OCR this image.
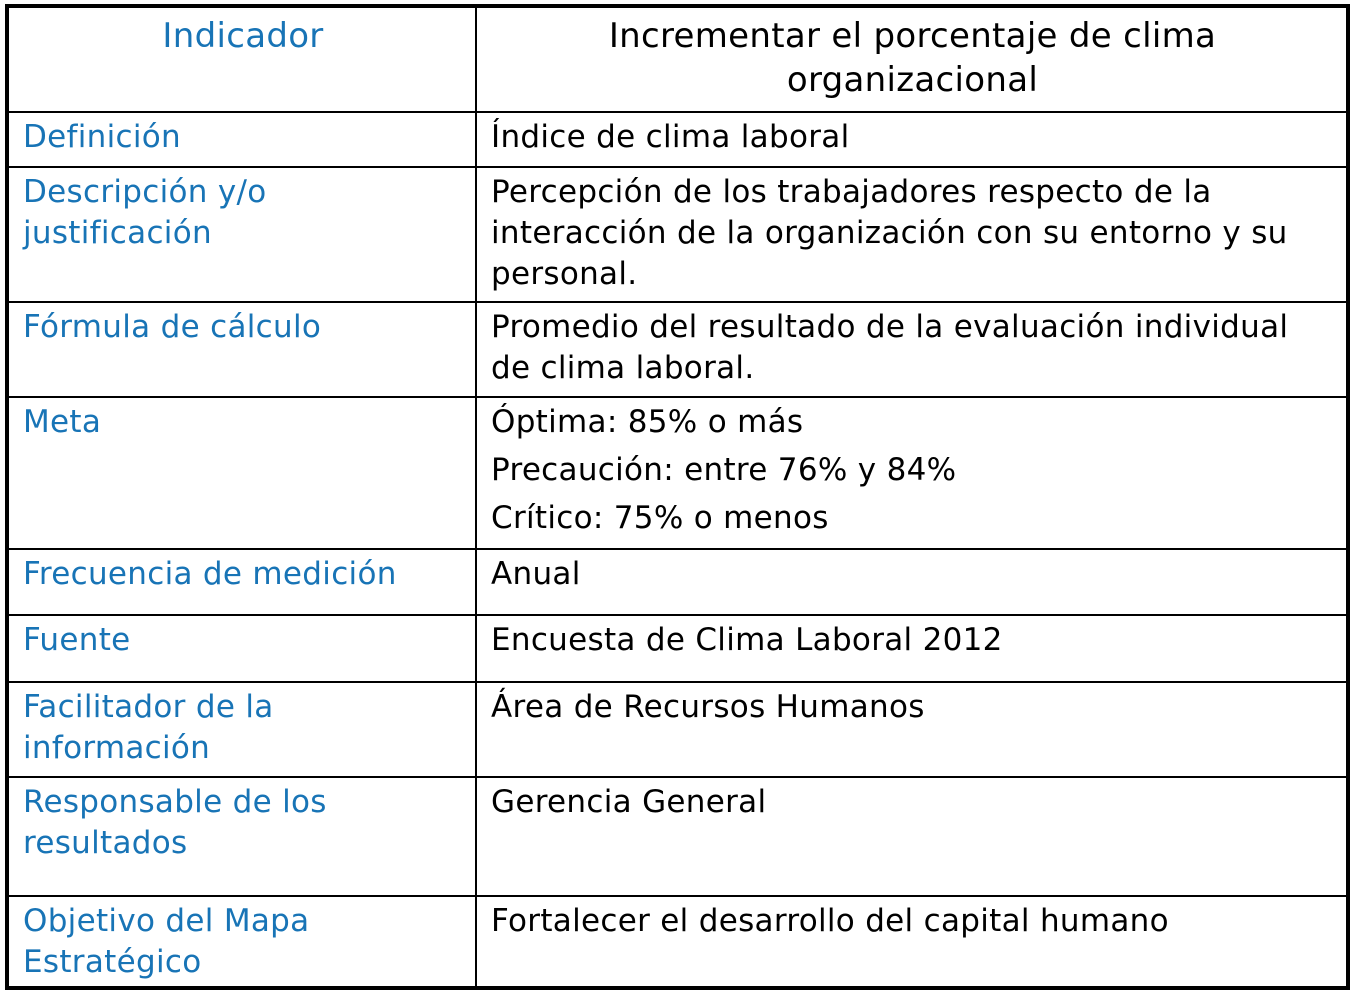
Indicador	Incrementar el porcentaje de clima organizacional
Definición	Índice de clima laboral
Descripción y/o justificación	Percepción de los trabajadores respecto de la interacción de la organización con su entorno y su personal.
Fórmula de cálculo	Promedio del resultado de la evaluación individual de clima laboral.
Meta	Óptima: 85% o más
Precaución: entre 76% y 84%
Crítico: 75% o menos

Frecuencia de medición	Anual
Fuente	Encuesta de Clima Laboral 2012
Facilitador de la información	Área de Recursos Humanos
Responsable de los resultados	Gerencia General
Objetivo del Mapa Estratégico	Fortalecer el desarrollo del capital humano
